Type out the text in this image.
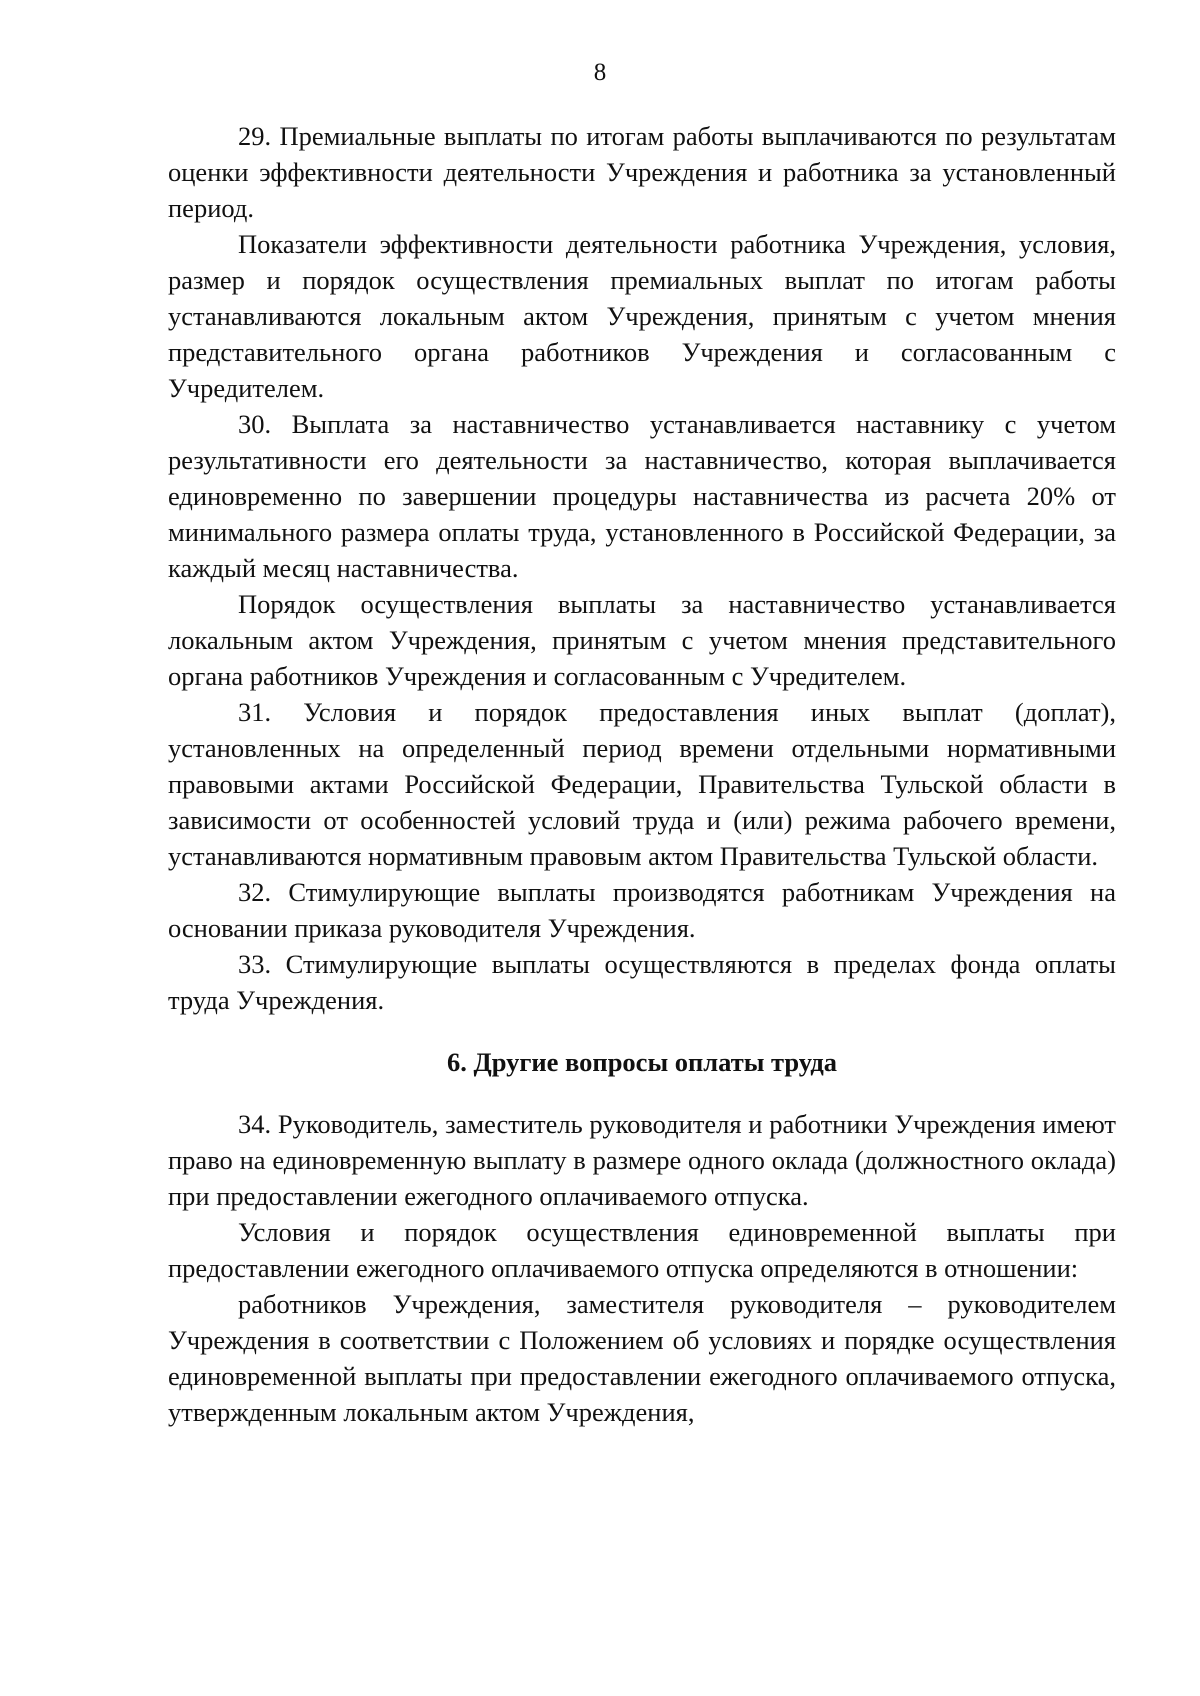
8

29. Премиальные выплаты по итогам работы выплачиваются по результатам оценки эффективности деятельности Учреждения и работника за установленный период.

Показатели эффективности деятельности работника Учреждения, условия, размер и порядок осуществления премиальных выплат по итогам работы устанавливаются локальным актом Учреждения, принятым с учетом мнения представительного органа работников Учреждения и согласованным с Учредителем.

30. Выплата за наставничество устанавливается наставнику с учетом результативности его деятельности за наставничество, которая выплачивается единовременно по завершении процедуры наставничества из расчета 20% от минимального размера оплаты труда, установленного в Российской Федерации, за каждый месяц наставничества.

Порядок осуществления выплаты за наставничество устанавливается локальным актом Учреждения, принятым с учетом мнения представительного органа работников Учреждения и согласованным с Учредителем.

31. Условия и порядок предоставления иных выплат (доплат), установленных на определенный период времени отдельными нормативными правовыми актами Российской Федерации, Правительства Тульской области в зависимости от особенностей условий труда и (или) режима рабочего времени, устанавливаются нормативным правовым актом Правительства Тульской области.

32. Стимулирующие выплаты производятся работникам Учреждения на основании приказа руководителя Учреждения.

33. Стимулирующие выплаты осуществляются в пределах фонда оплаты труда Учреждения.

6. Другие вопросы оплаты труда

34. Руководитель, заместитель руководителя и работники Учреждения имеют право на единовременную выплату в размере одного оклада (должностного оклада) при предоставлении ежегодного оплачиваемого отпуска.

Условия и порядок осуществления единовременной выплаты при предоставлении ежегодного оплачиваемого отпуска определяются в отношении:

работников Учреждения, заместителя руководителя – руководителем Учреждения в соответствии с Положением об условиях и порядке осуществления единовременной выплаты при предоставлении ежегодного оплачиваемого отпуска, утвержденным локальным актом Учреждения,
